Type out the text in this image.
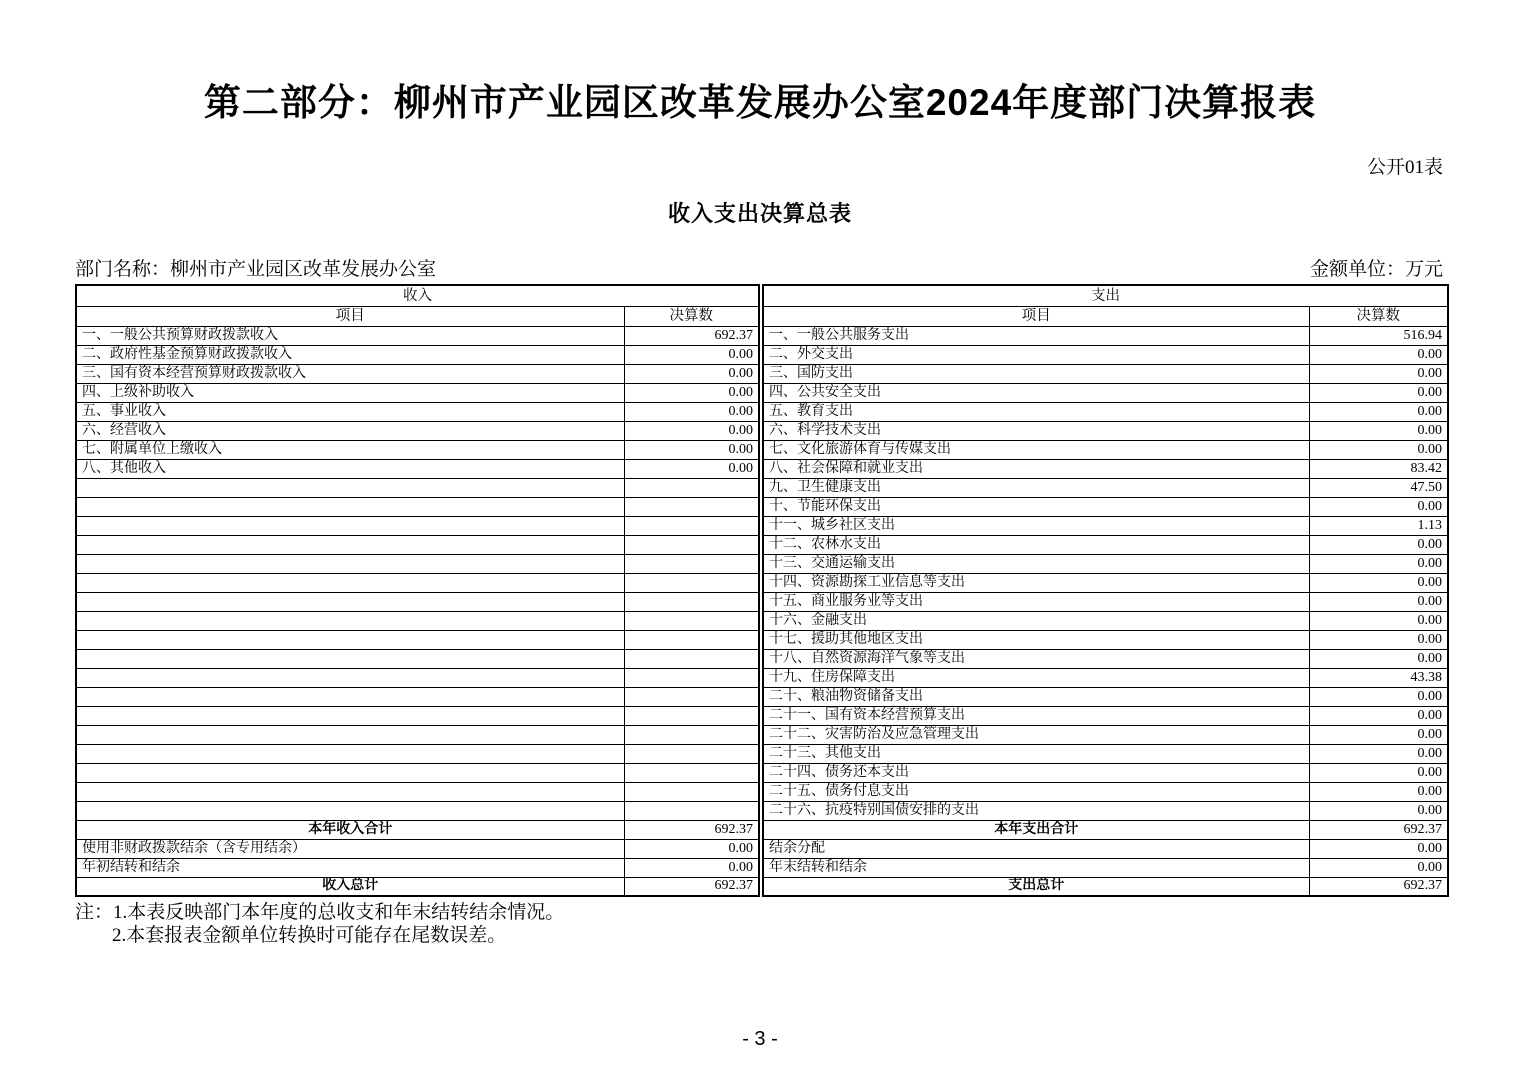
第二部分：柳州市产业园区改革发展办公室2024年度部门决算报表
公开01表
收入支出决算总表
部门名称：柳州市产业园区改革发展办公室	金额单位：万元
收入	
项目	决算数
一、一般公共预算财政拨款收入	692.37
二、政府性基金预算财政拨款收入	0.00
三、国有资本经营预算财政拨款收入	0.00
四、上级补助收入	0.00
五、事业收入	0.00
六、经营收入	0.00
七、附属单位上缴收入	0.00
八、其他收入	0.00

本年收入合计	692.37
使用非财政拨款结余（含专用结余）	0.00
年初结转和结余	0.00
收入总计	692.37
支出	
项目	决算数
一、一般公共服务支出	516.94
二、外交支出	0.00
三、国防支出	0.00
四、公共安全支出	0.00
五、教育支出	0.00
六、科学技术支出	0.00
七、文化旅游体育与传媒支出	0.00
八、社会保障和就业支出	83.42
九、卫生健康支出	47.50
十、节能环保支出	0.00
十一、城乡社区支出	1.13
十二、农林水支出	0.00
十三、交通运输支出	0.00
十四、资源勘探工业信息等支出	0.00
十五、商业服务业等支出	0.00
十六、金融支出	0.00
十七、援助其他地区支出	0.00
十八、自然资源海洋气象等支出	0.00
十九、住房保障支出	43.38
二十、粮油物资储备支出	0.00
二十一、国有资本经营预算支出	0.00
二十二、灾害防治及应急管理支出	0.00
二十三、其他支出	0.00
二十四、债务还本支出	0.00
二十五、债务付息支出	0.00
二十六、抗疫特别国债安排的支出	0.00
本年支出合计	692.37
结余分配	0.00
年末结转和结余	0.00
支出总计	692.37
注：1.本表反映部门本年度的总收支和年末结转结余情况。
2.本套报表金额单位转换时可能存在尾数误差。
- 3 -
